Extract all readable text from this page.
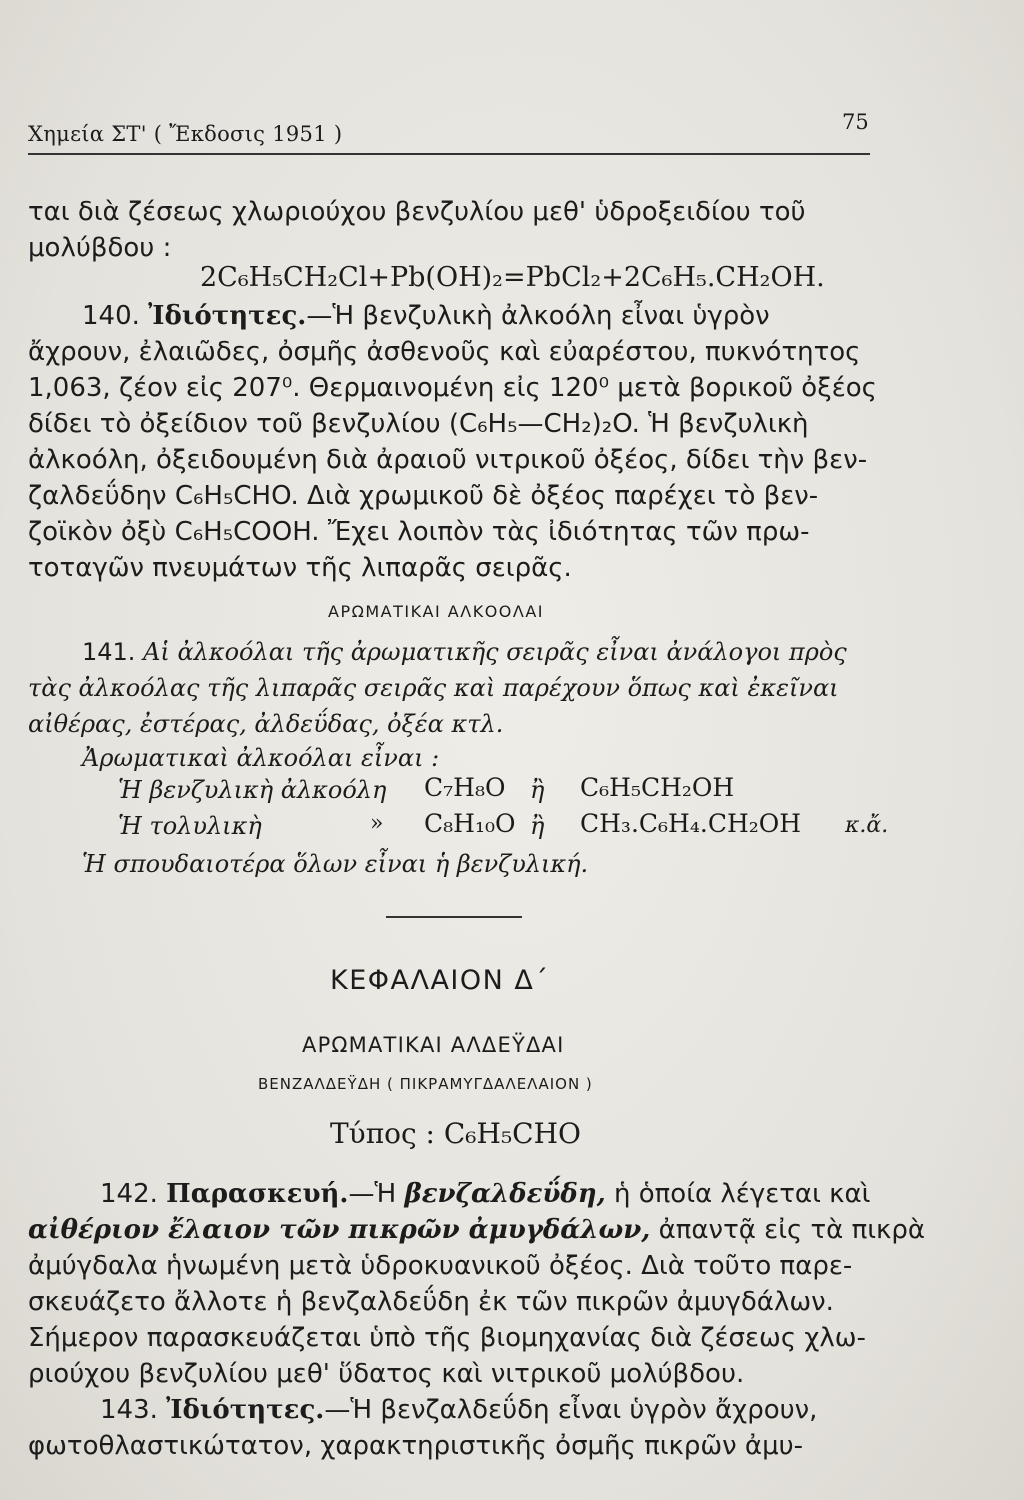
Χημεία ΣΤ' ( Ἔκδοσις 1951 )	75
ται διὰ ζέσεως χλωριούχου βενζυλίου μεθ' ὑδροξειδίου τοῦ
μολύβδου :
2C₆H₅CH₂Cl+Pb(OH)₂=PbCl₂+2C₆H₅.CH₂OH.
140. Ἰδιότητες.—Ἡ βενζυλικὴ ἀλκοόλη εἶναι ὑγρὸν
ἄχρουν, ἐλαιῶδες, ὀσμῆς ἀσθενοῦς καὶ εὐαρέστου, πυκνότητος
1,063, ζέον εἰς 207⁰. Θερμαινομένη εἰς 120⁰ μετὰ βορικοῦ ὀξέος
δίδει τὸ ὀξείδιον τοῦ βενζυλίου (C₆H₅—CH₂)₂O. Ἡ βενζυλικὴ
ἀλκοόλη, ὀξειδουμένη διὰ ἀραιοῦ νιτρικοῦ ὀξέος, δίδει τὴν βεν-
ζαλδεΰδην C₆H₅CHO. Διὰ χρωμικοῦ δὲ ὀξέος παρέχει τὸ βεν-
ζοϊκὸν ὀξὺ C₆H₅COOH. Ἔχει λοιπὸν τὰς ἰδιότητας τῶν πρω-
τοταγῶν πνευμάτων τῆς λιπαρᾶς σειρᾶς.
ΑΡΩΜΑΤΙΚΑΙ ΑΛΚΟΟΛΑΙ
141. Αἱ ἀλκοόλαι τῆς ἀρωματικῆς σειρᾶς εἶναι ἀνάλογοι πρὸς
τὰς ἀλκοόλας τῆς λιπαρᾶς σειρᾶς καὶ παρέχουν ὅπως καὶ ἐκεῖναι
αἰθέρας, ἐστέρας, ἀλδεΰδας, ὀξέα κτλ.
Ἀρωματικαὶ ἀλκοόλαι εἶναι :
Ἡ βενζυλικὴ ἀλκοόλη C₇H₈O ἢ C₆H₅CH₂OH
Ἡ τολυλικὴ	» C₈H₁₀O ἢ CH₃.C₆H₄.CH₂OH κ.ἄ.
Ἡ σπουδαιοτέρα ὅλων εἶναι ἡ βενζυλική.
ΚΕΦΑΛΑΙΟΝ Δ΄
ΑΡΩΜΑΤΙΚΑΙ ΑΛΔΕΫΔΑΙ
ΒΕΝΖΑΛΔΕΫΔΗ ( ΠΙΚΡΑΜΥΓΔΑΛΕΛΑΙΟΝ )
Τύπος : C₆H₅CHO
142. Παρασκευή.—Ἡ βενζαλδεΰδη, ἡ ὁποία λέγεται καὶ
αἰθέριον ἔλαιον τῶν πικρῶν ἀμυγδάλων, ἀπαντᾷ εἰς τὰ πικρὰ
ἀμύγδαλα ἡνωμένη μετὰ ὑδροκυανικοῦ ὀξέος. Διὰ τοῦτο παρε-
σκευάζετο ἄλλοτε ἡ βενζαλδεΰδη ἐκ τῶν πικρῶν ἀμυγδάλων.
Σήμερον παρασκευάζεται ὑπὸ τῆς βιομηχανίας διὰ ζέσεως χλω-
ριούχου βενζυλίου μεθ' ὕδατος καὶ νιτρικοῦ μολύβδου.
143. Ἰδιότητες.—Ἡ βενζαλδεΰδη εἶναι ὑγρὸν ἄχρουν,
φωτοθλαστικώτατον, χαρακτηριστικῆς ὀσμῆς πικρῶν ἀμυ-
